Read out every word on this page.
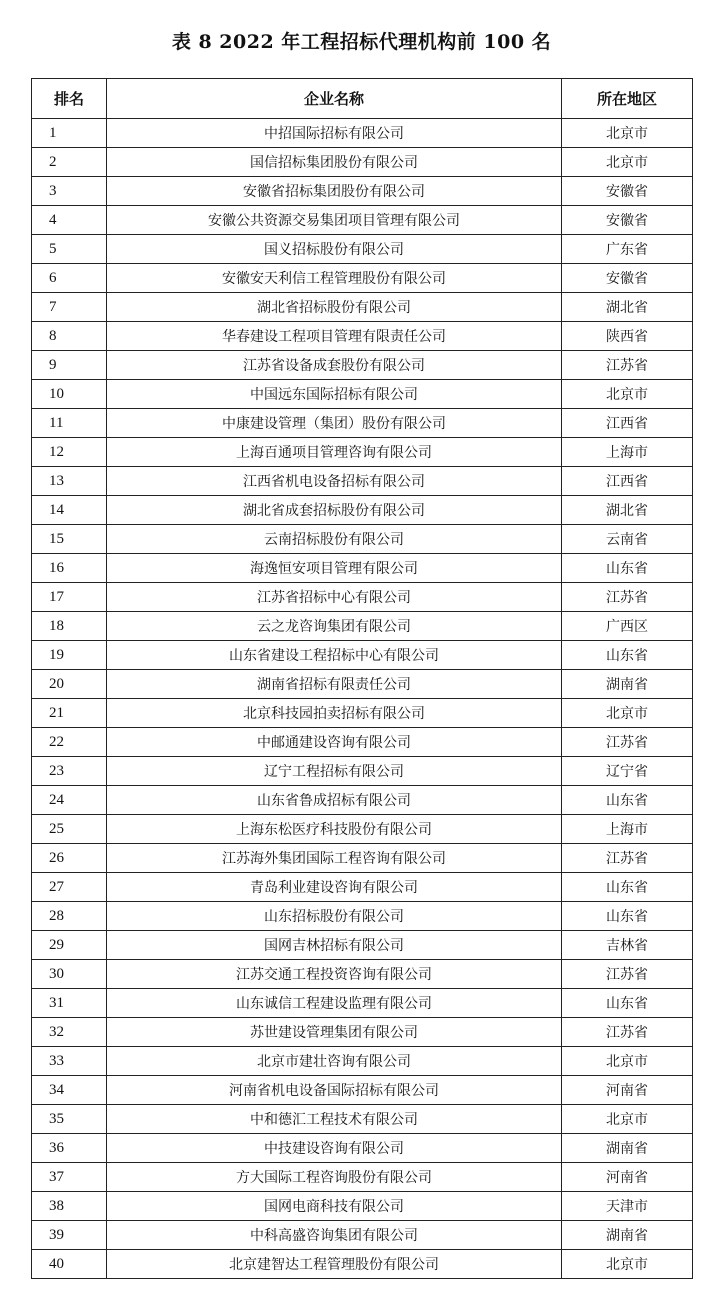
表 8 2022 年工程招标代理机构前 100 名
排名	企业名称	所在地区
1	中招国际招标有限公司	北京市
2	国信招标集团股份有限公司	北京市
3	安徽省招标集团股份有限公司	安徽省
4	安徽公共资源交易集团项目管理有限公司	安徽省
5	国义招标股份有限公司	广东省
6	安徽安天利信工程管理股份有限公司	安徽省
7	湖北省招标股份有限公司	湖北省
8	华春建设工程项目管理有限责任公司	陕西省
9	江苏省设备成套股份有限公司	江苏省
10	中国远东国际招标有限公司	北京市
11	中康建设管理（集团）股份有限公司	江西省
12	上海百通项目管理咨询有限公司	上海市
13	江西省机电设备招标有限公司	江西省
14	湖北省成套招标股份有限公司	湖北省
15	云南招标股份有限公司	云南省
16	海逸恒安项目管理有限公司	山东省
17	江苏省招标中心有限公司	江苏省
18	云之龙咨询集团有限公司	广西区
19	山东省建设工程招标中心有限公司	山东省
20	湖南省招标有限责任公司	湖南省
21	北京科技园拍卖招标有限公司	北京市
22	中邮通建设咨询有限公司	江苏省
23	辽宁工程招标有限公司	辽宁省
24	山东省鲁成招标有限公司	山东省
25	上海东松医疗科技股份有限公司	上海市
26	江苏海外集团国际工程咨询有限公司	江苏省
27	青岛利业建设咨询有限公司	山东省
28	山东招标股份有限公司	山东省
29	国网吉林招标有限公司	吉林省
30	江苏交通工程投资咨询有限公司	江苏省
31	山东诚信工程建设监理有限公司	山东省
32	苏世建设管理集团有限公司	江苏省
33	北京市建壮咨询有限公司	北京市
34	河南省机电设备国际招标有限公司	河南省
35	中和德汇工程技术有限公司	北京市
36	中技建设咨询有限公司	湖南省
37	方大国际工程咨询股份有限公司	河南省
38	国网电商科技有限公司	天津市
39	中科高盛咨询集团有限公司	湖南省
40	北京建智达工程管理股份有限公司	北京市
